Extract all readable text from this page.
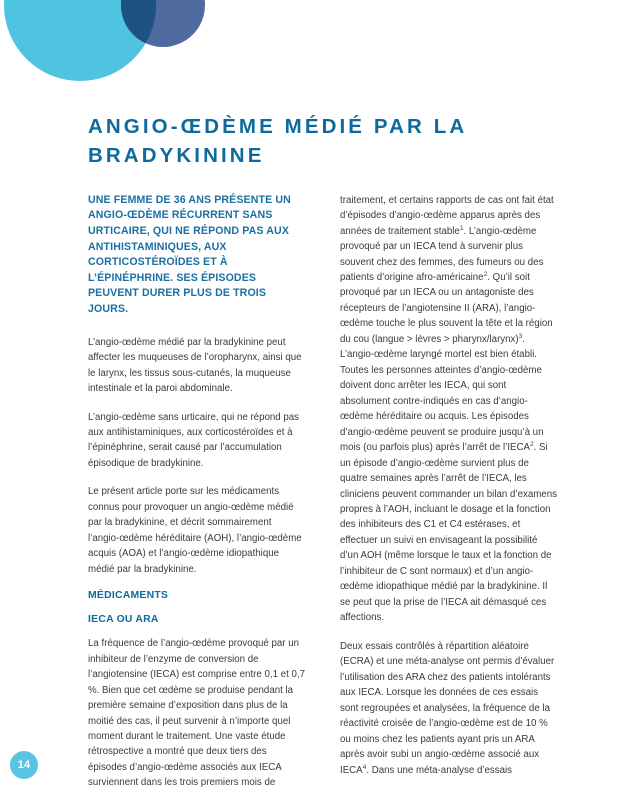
ANGIO-ŒDÈME MÉDIÉ PAR LA BRADYKININE

UNE FEMME DE 36 ANS PRÉSENTE UN ANGIO-ŒDÈME RÉCURRENT SANS URTICAIRE, QUI NE RÉPOND PAS AUX ANTIHISTAMINIQUES, AUX CORTICOSTÉROÏDES ET À L’ÉPINÉPHRINE. SES ÉPISODES PEUVENT DURER PLUS DE TROIS JOURS.

L’angio-œdème médié par la bradykinine peut affecter les muqueuses de l’oropharynx, ainsi que le larynx, les tissus sous-cutanés, la muqueuse intestinale et la paroi abdominale.

L’angio-œdème sans urticaire, qui ne répond pas aux antihistaminiques, aux corticostéroïdes et à l’épinéphrine, serait causé par l’accumulation épisodique de bradykinine.

Le présent article porte sur les médicaments connus pour provoquer un angio-œdème médié par la bradykinine, et décrit sommairement l’angio-œdème héréditaire (AOH), l’angio-œdème acquis (AOA) et l’angio-œdème idiopathique médié par la bradykinine.

MÉDICAMENTS
IECA OU ARA

La fréquence de l’angio-œdème provoqué par un inhibiteur de l’enzyme de conversion de l’angiotensine (IECA) est comprise entre 0,1 et 0,7 %. Bien que cet œdème se produise pendant la première semaine d’exposition dans plus de la moitié des cas, il peut survenir à n’importe quel moment durant le traitement. Une vaste étude rétrospective a montré que deux tiers des épisodes d’angio-œdème associés aux IECA surviennent dans les trois premiers mois de

traitement, et certains rapports de cas ont fait état d’épisodes d’angio-œdème apparus après des années de traitement stable$^1$. L’angio-œdème provoqué par un IECA tend à survenir plus souvent chez des femmes, des fumeurs ou des patients d’origine afro-américaine$^2$. Qu’il soit provoqué par un IECA ou un antagoniste des récepteurs de l’angiotensine II (ARA), l’angio-œdème touche le plus souvent la tête et la région du cou (langue > lèvres > pharynx/larynx)$^3$. L’angio-œdème laryngé mortel est bien établi. Toutes les personnes atteintes d’angio-œdème doivent donc arrêter les IECA, qui sont absolument contre-indiqués en cas d’angio-œdème héréditaire ou acquis. Les épisodes d’angio-œdème peuvent se produire jusqu’à un mois (ou parfois plus) après l’arrêt de l’IECA$^2$. Si un épisode d’angio-œdème survient plus de quatre semaines après l’arrêt de l’IECA, les cliniciens peuvent commander un bilan d’examens propres à l’AOH, incluant le dosage et la fonction des inhibiteurs des C1 et C4 estérases, et effectuer un suivi en envisageant la possibilité d’un AOH (même lorsque le taux et la fonction de l’inhibiteur de C sont normaux) et d’un angio-œdème idiopathique médié par la bradykinine. Il se peut que la prise de l’IECA ait démasqué ces affections.

Deux essais contrôlés à répartition aléatoire (ECRA) et une méta-analyse ont permis d’évaluer l’utilisation des ARA chez des patients intolérants aux IECA. Lorsque les données de ces essais sont regroupées et analysées, la fréquence de la réactivité croisée de l’angio-œdème est de 10 % ou moins chez les patients ayant pris un ARA après avoir subi un angio-œdème associé aux IECA$^4$. Dans une méta-analyse d’essais

14
